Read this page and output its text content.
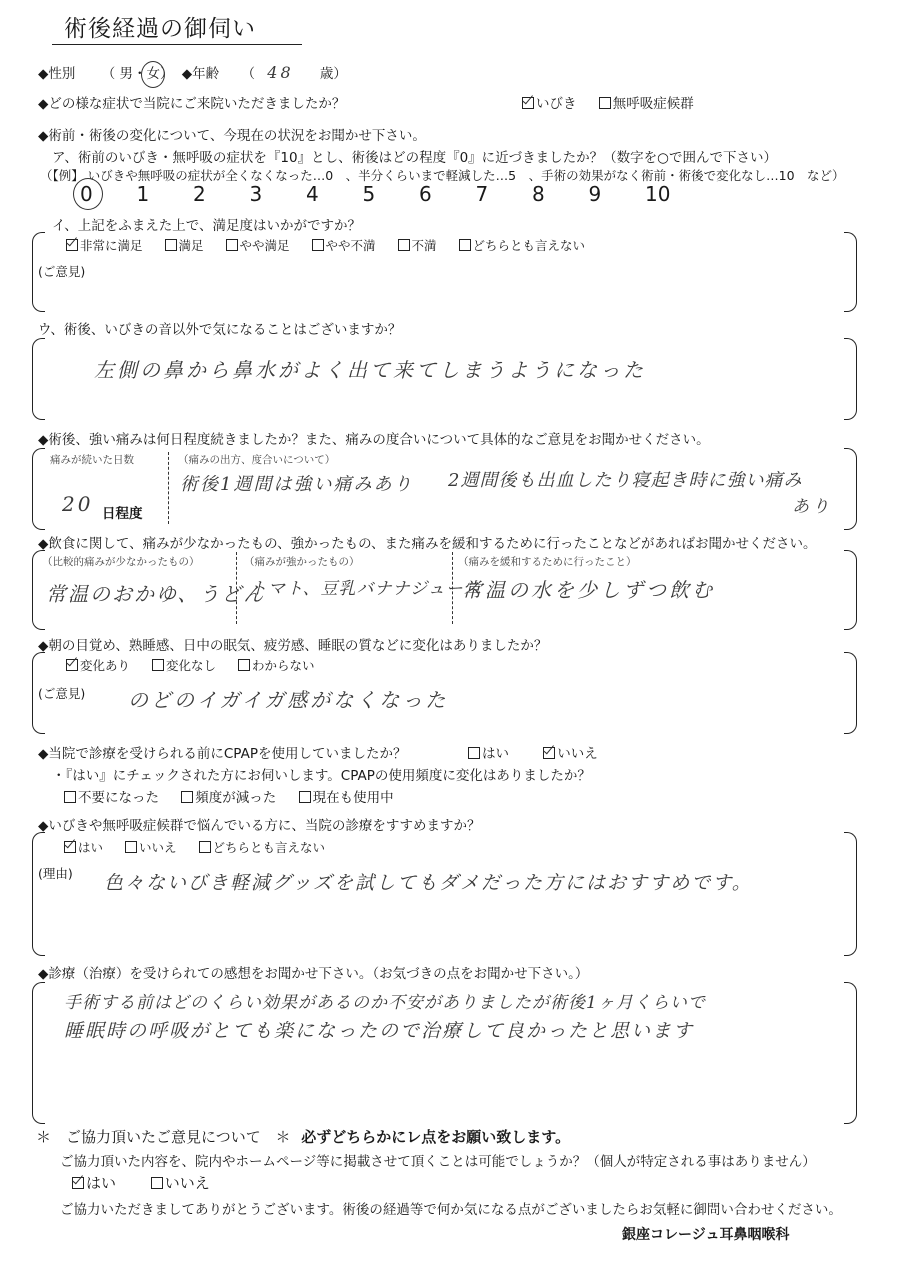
術後経過の御伺い
◆性別 （ 男・女
） ◆年齢 （ 48 歳）
◆どの様な症状で当院にご来院いただきましたか？	いびき	無呼吸症候群
◆術前・術後の変化について、今現在の状況をお聞かせ下さい。
ア、術前のいびき・無呼吸の症状を『10』とし、術後はどの程度『0』に近づきましたか？（数字を○で囲んで下さい）
（【例】 いびきや無呼吸の症状が全くなくなった…0　、半分くらいまで軽減した…5　、手術の効果がなく術前・術後で変化なし…10　など）
0 1 2 3 4 5 6 7 8 9 10
イ、上記をふまえた上で、満足度はいかがですか？
非常に満足	満足	やや満足	やや不満	不満	どちらとも言えない
(ご意見)
ウ、術後、いびきの音以外で気になることはございますか？
左側の鼻から鼻水がよく出て来てしまうようになった
◆術後、強い痛みは何日程度続きましたか？また、痛みの度合いについて具体的なご意見をお聞かせください。
痛みが続いた日数
20 日程度
（痛みの出方、度合いについて）
術後1週間は強い痛みあり 2週間後も出血したり寝起き時に強い痛み
あり
◆飲食に関して、痛みが少なかったもの、強かったもの、また痛みを緩和するために行ったことなどがあればお聞かせください。
（比較的痛みが少なかったもの）
常温のおかゆ、うどん
（痛みが強かったもの）
トマト、豆乳バナナジュース
（痛みを緩和するために行ったこと）
常温の水を少しずつ飲む
◆朝の目覚め、熟睡感、日中の眠気、疲労感、睡眠の質などに変化はありましたか？
変化あり	変化なし	わからない
(ご意見) のどのイガイガ感がなくなった
◆当院で診療を受けられる前にCPAPを使用していましたか？	はい	いいえ
・『はい』にチェックされた方にお伺いします。CPAPの使用頻度に変化はありましたか？
不要になった	頻度が減った	現在も使用中
◆いびきや無呼吸症候群で悩んでいる方に、当院の診療をすすめますか？
はい	いいえ	どちらとも言えない
(理由) 色々ないびき軽減グッズを試してもダメだった方にはおすすめです。
◆診療（治療）を受けられての感想をお聞かせ下さい。（お気づきの点をお聞かせ下さい。）
手術する前はどのくらい効果があるのか不安がありましたが術後1ヶ月くらいで
睡眠時の呼吸がとても楽になったので治療して良かったと思います
＊　ご協力頂いたご意見について ＊ 必ずどちらかにレ点をお願い致します。
ご協力頂いた内容を、院内やホームページ等に掲載させて頂くことは可能でしょうか？（個人が特定される事はありません）
はい	いいえ
ご協力いただきましてありがとうございます。術後の経過等で何か気になる点がございましたらお気軽に御問い合わせください。
銀座コレージュ耳鼻咽喉科
